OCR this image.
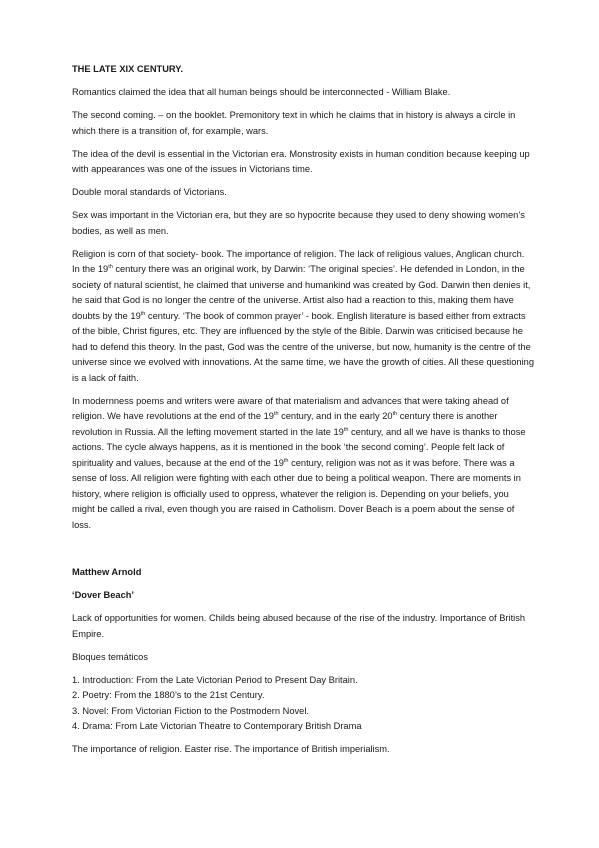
THE LATE XIX CENTURY.

Romantics claimed the idea that all human beings should be interconnected - William Blake.

The second coming. – on the booklet. Premonitory text in which he claims that in history is always a circle in which there is a transition of, for example, wars.

The idea of the devil is essential in the Victorian era. Monstrosity exists in human condition because keeping up with appearances was one of the issues in Victorians time.

Double moral standards of Victorians.

Sex was important in the Victorian era, but they are so hypocrite because they used to deny showing women’s bodies, as well as men.

Religion is corn of that society- book. The importance of religion. The lack of religious values, Anglican church. In the 19th century there was an original work, by Darwin: ‘The original species’. He defended in London, in the society of natural scientist, he claimed that universe and humankind was created by God. Darwin then denies it, he said that God is no longer the centre of the universe. Artist also had a reaction to this, making them have doubts by the 19th century. ‘The book of common prayer’ - book. English literature is based either from extracts of the bible, Christ figures, etc. They are influenced by the style of the Bible. Darwin was criticised because he had to defend this theory. In the past, God was the centre of the universe, but now, humanity is the centre of the universe since we evolved with innovations. At the same time, we have the growth of cities. All these questioning is a lack of faith.

In modernness poems and writers were aware of that materialism and advances that were taking ahead of religion. We have revolutions at the end of the 19th century, and in the early 20th century there is another revolution in Russia. All the lefting movement started in the late 19th century, and all we have is thanks to those actions. The cycle always happens, as it is mentioned in the book ‘the second coming’. People felt lack of spirituality and values, because at the end of the 19th century, religion was not as it was before. There was a sense of loss. All religion were fighting with each other due to being a political weapon. There are moments in history, where religion is officially used to oppress, whatever the religion is. Depending on your beliefs, you might be called a rival, even though you are raised in Catholism. Dover Beach is a poem about the sense of loss.

Matthew Arnold

‘Dover Beach’

Lack of opportunities for women. Childs being abused because of the rise of the industry. Importance of British Empire.

Bloques temáticos

1. Introduction: From the Late Victorian Period to Present Day Britain.
2. Poetry: From the 1880’s to the 21st Century.
3. Novel: From Victorian Fiction to the Postmodern Novel.
4. Drama: From Late Victorian Theatre to Contemporary British Drama

The importance of religion. Easter rise. The importance of British imperialism.
